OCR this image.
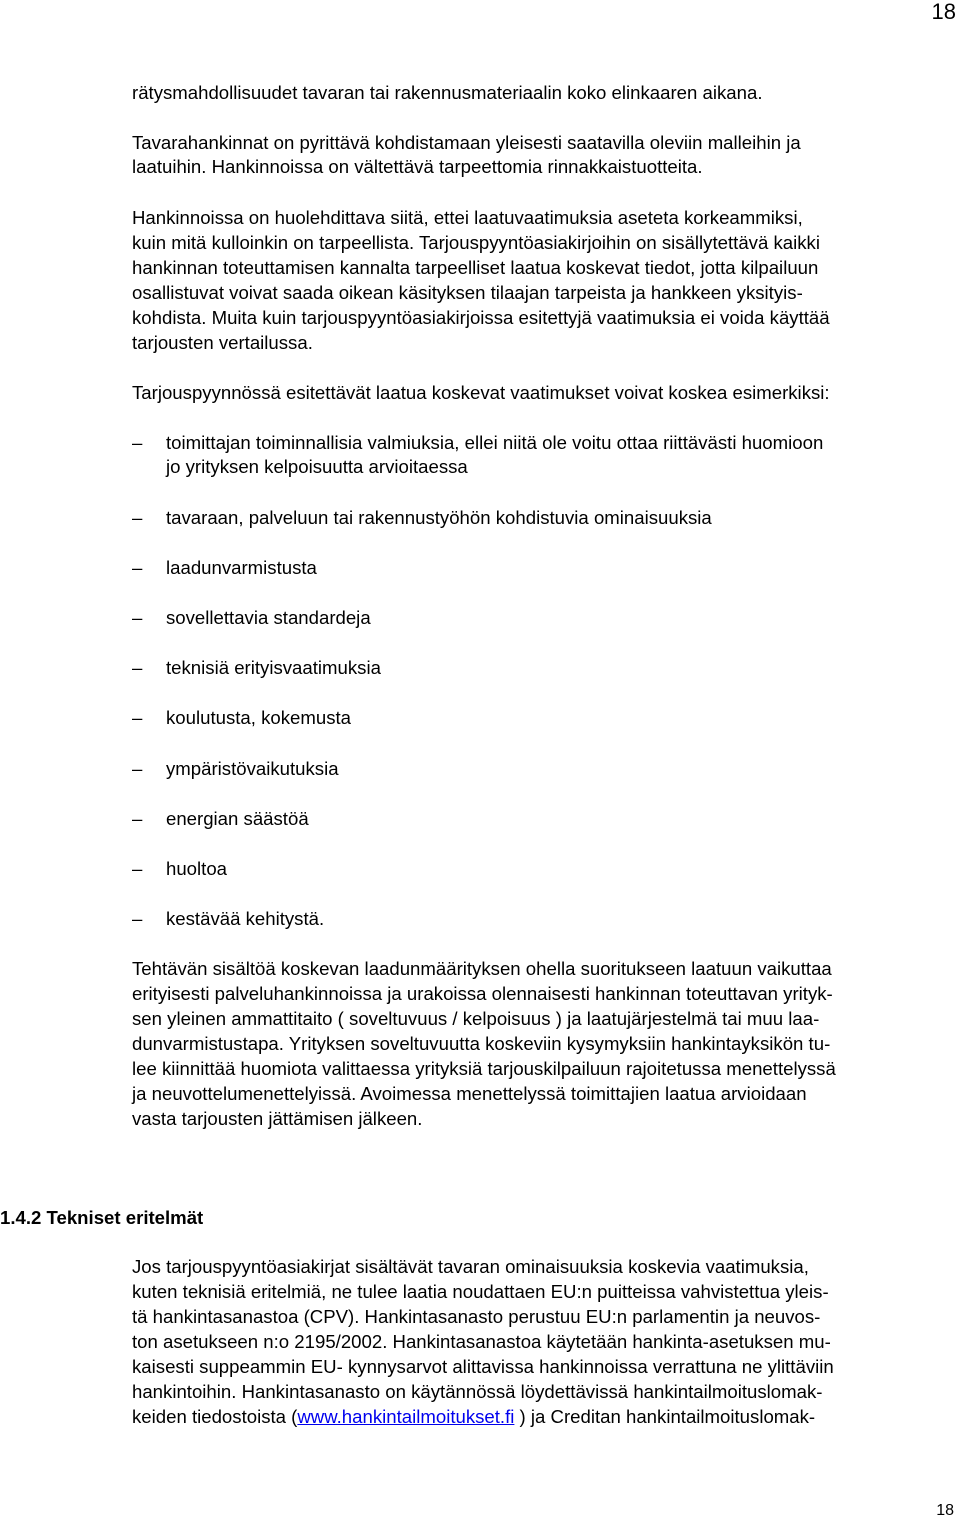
18
rätysmahdollisuudet tavaran tai rakennusmateriaalin koko elinkaaren aikana.
Tavarahankinnat on pyrittävä kohdistamaan yleisesti saatavilla oleviin malleihin ja
laatuihin. Hankinnoissa on vältettävä tarpeettomia rinnakkaistuotteita.
Hankinnoissa on huolehdittava siitä, ettei laatuvaatimuksia aseteta korkeammiksi,
kuin mitä kulloinkin on tarpeellista. Tarjouspyyntöasiakirjoihin on sisällytettävä kaikki
hankinnan toteuttamisen kannalta tarpeelliset laatua koskevat tiedot, jotta kilpailuun
osallistuvat voivat saada oikean käsityksen tilaajan tarpeista ja hankkeen yksityis-
kohdista. Muita kuin tarjouspyyntöasiakirjoissa esitettyjä vaatimuksia ei voida käyttää
tarjousten vertailussa.
Tarjouspyynnössä esitettävät laatua koskevat vaatimukset voivat koskea esimerkiksi:
– toimittajan toiminnallisia valmiuksia, ellei niitä ole voitu ottaa riittävästi huomioon
jo yrityksen kelpoisuutta arvioitaessa
– tavaraan, palveluun tai rakennustyöhön kohdistuvia ominaisuuksia
– laadunvarmistusta
– sovellettavia standardeja
– teknisiä erityisvaatimuksia
– koulutusta, kokemusta
– ympäristövaikutuksia
– energian säästöä
– huoltoa
– kestävää kehitystä.
Tehtävän sisältöä koskevan laadunmäärityksen ohella suoritukseen laatuun vaikuttaa
erityisesti palveluhankinnoissa ja urakoissa olennaisesti hankinnan toteuttavan yrityk-
sen yleinen ammattitaito ( soveltuvuus / kelpoisuus ) ja laatujärjestelmä tai muu laa-
dunvarmistustapa. Yrityksen soveltuvuutta koskeviin kysymyksiin hankintayksikön tu-
lee kiinnittää huomiota valittaessa yrityksiä tarjouskilpailuun rajoitetussa menettelyssä
ja neuvottelumenettelyissä. Avoimessa menettelyssä toimittajien laatua arvioidaan
vasta tarjousten jättämisen jälkeen.
1.4.2 Tekniset eritelmät
Jos tarjouspyyntöasiakirjat sisältävät tavaran ominaisuuksia koskevia vaatimuksia,
kuten teknisiä eritelmiä, ne tulee laatia noudattaen EU:n puitteissa vahvistettua yleis-
tä hankintasanastoa (CPV). Hankintasanasto perustuu EU:n parlamentin ja neuvos-
ton asetukseen n:o 2195/2002. Hankintasanastoa käytetään hankinta-asetuksen mu-
kaisesti suppeammin EU- kynnysarvot alittavissa hankinnoissa verrattuna ne ylittäviin
hankintoihin. Hankintasanasto on käytännössä löydettävissä hankintailmoituslomak-
keiden tiedostoista (www.hankintailmoitukset.fi ) ja Creditan hankintailmoituslomak-
18
